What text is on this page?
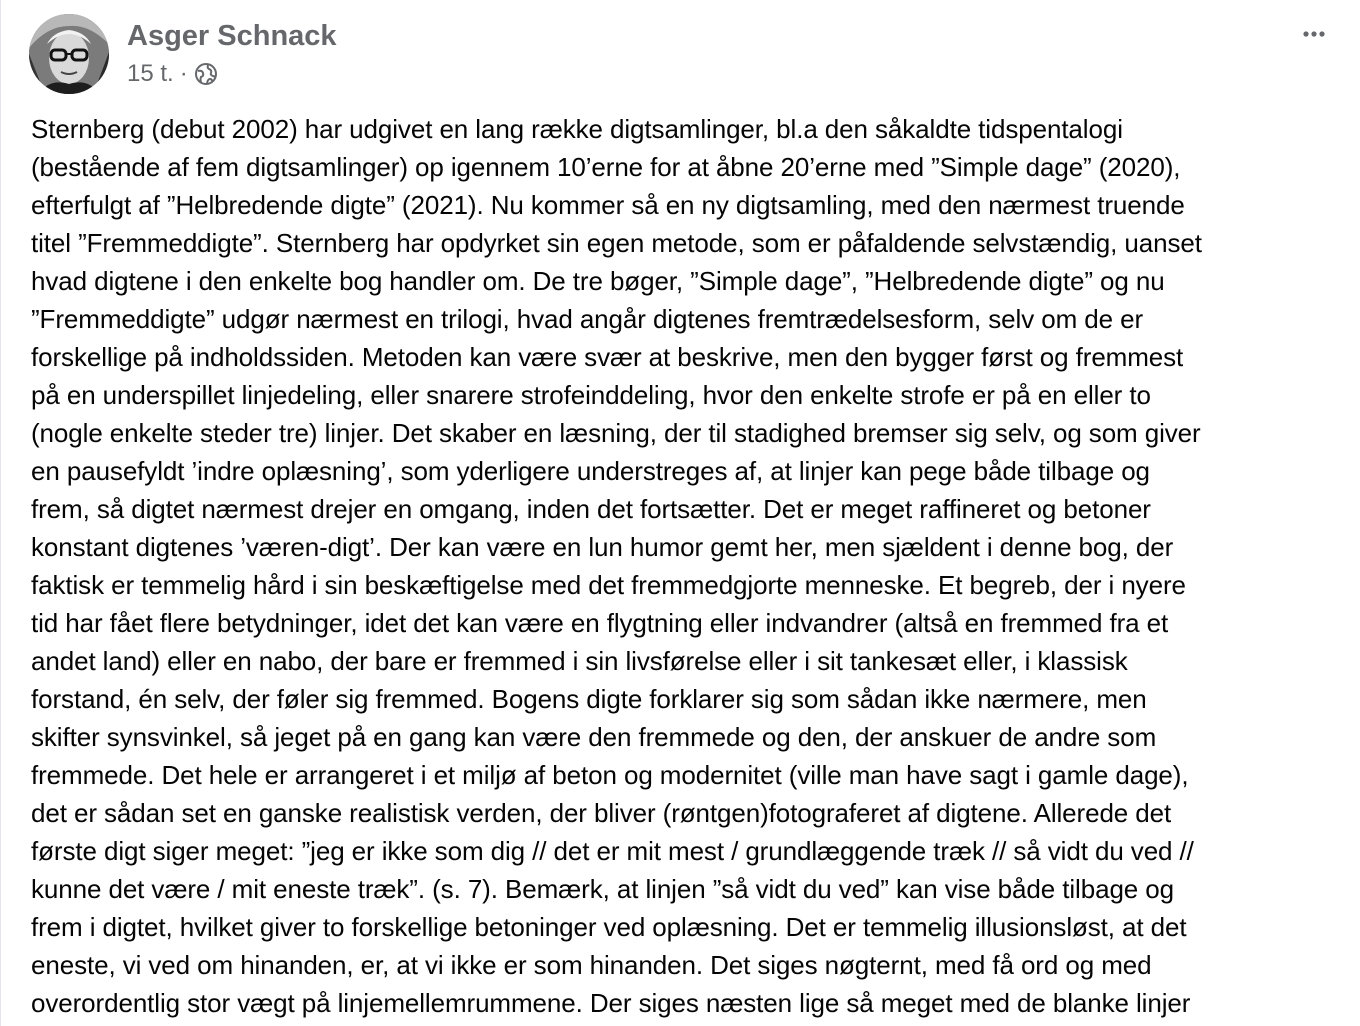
Asger Schnack
15 t. ·
Sternberg (debut 2002) har udgivet en lang række digtsamlinger, bl.a den såkaldte tidspentalogi
(bestående af fem digtsamlinger) op igennem 10’erne for at åbne 20’erne med ”Simple dage” (2020),
efterfulgt af ”Helbredende digte” (2021). Nu kommer så en ny digtsamling, med den nærmest truende
titel ”Fremmeddigte”. Sternberg har opdyrket sin egen metode, som er påfaldende selvstændig, uanset
hvad digtene i den enkelte bog handler om. De tre bøger, ”Simple dage”, ”Helbredende digte” og nu
”Fremmeddigte” udgør nærmest en trilogi, hvad angår digtenes fremtrædelsesform, selv om de er
forskellige på indholdssiden. Metoden kan være svær at beskrive, men den bygger først og fremmest
på en underspillet linjedeling, eller snarere strofeinddeling, hvor den enkelte strofe er på en eller to
(nogle enkelte steder tre) linjer. Det skaber en læsning, der til stadighed bremser sig selv, og som giver
en pausefyldt ’indre oplæsning’, som yderligere understreges af, at linjer kan pege både tilbage og
frem, så digtet nærmest drejer en omgang, inden det fortsætter. Det er meget raffineret og betoner
konstant digtenes ’væren-digt’. Der kan være en lun humor gemt her, men sjældent i denne bog, der
faktisk er temmelig hård i sin beskæftigelse med det fremmedgjorte menneske. Et begreb, der i nyere
tid har fået flere betydninger, idet det kan være en flygtning eller indvandrer (altså en fremmed fra et
andet land) eller en nabo, der bare er fremmed i sin livsførelse eller i sit tankesæt eller, i klassisk
forstand, én selv, der føler sig fremmed. Bogens digte forklarer sig som sådan ikke nærmere, men
skifter synsvinkel, så jeget på en gang kan være den fremmede og den, der anskuer de andre som
fremmede. Det hele er arrangeret i et miljø af beton og modernitet (ville man have sagt i gamle dage),
det er sådan set en ganske realistisk verden, der bliver (røntgen)fotograferet af digtene. Allerede det
første digt siger meget: ”jeg er ikke som dig // det er mit mest / grundlæggende træk // så vidt du ved //
kunne det være / mit eneste træk”. (s. 7). Bemærk, at linjen ”så vidt du ved” kan vise både tilbage og
frem i digtet, hvilket giver to forskellige betoninger ved oplæsning. Det er temmelig illusionsløst, at det
eneste, vi ved om hinanden, er, at vi ikke er som hinanden. Det siges nøgternt, med få ord og med
overordentlig stor vægt på linjemellemrummene. Der siges næsten lige så meget med de blanke linjer
